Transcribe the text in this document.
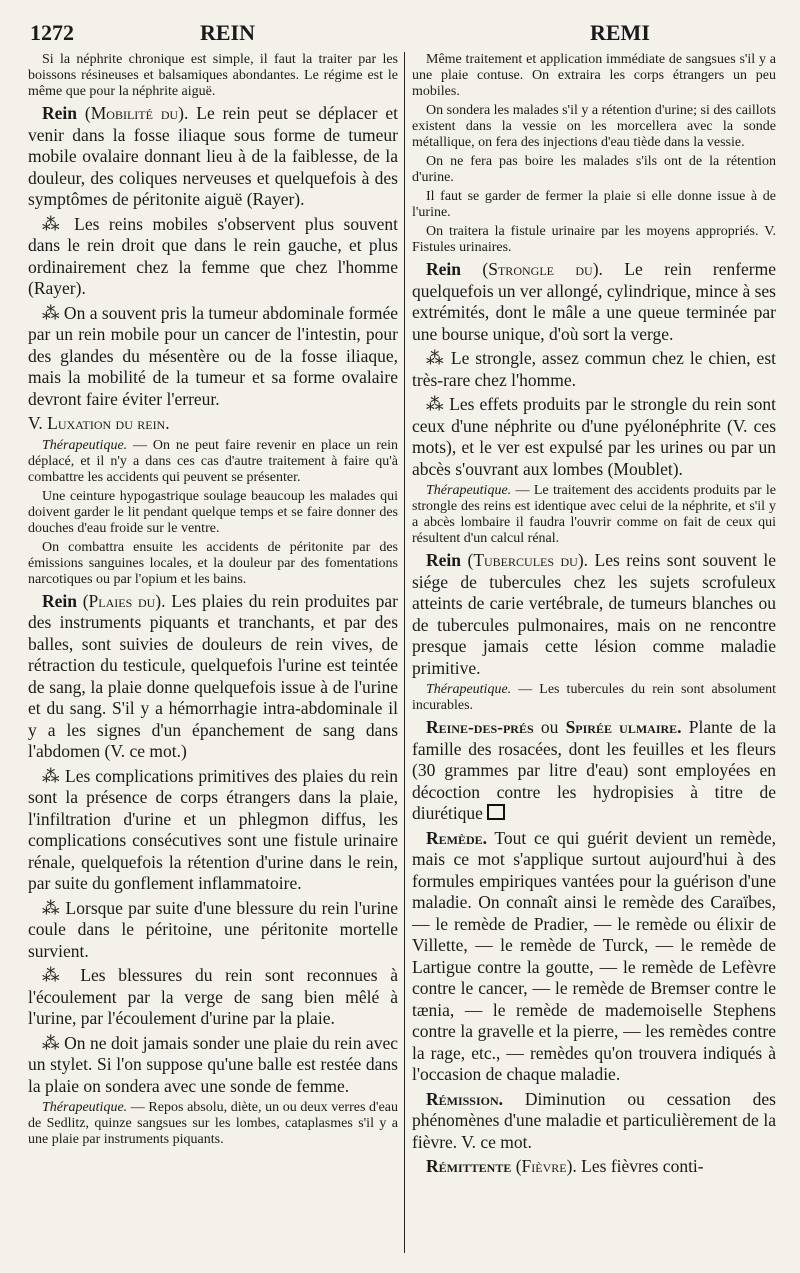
1272	REIN	REMI

Si la néphrite chronique est simple, il faut la traiter par les boissons résineuses et balsamiques abondantes. Le régime est le même que pour la néphrite aiguë.

Rein (Mobilité du). Le rein peut se déplacer et venir dans la fosse iliaque sous forme de tumeur mobile ovalaire donnant lieu à de la faiblesse, de la douleur, des coliques nerveuses et quelquefois à des symptômes de péritonite aiguë (Rayer).

⁂ Les reins mobiles s'observent plus souvent dans le rein droit que dans le rein gauche, et plus ordinairement chez la femme que chez l'homme (Rayer).

⁂ On a souvent pris la tumeur abdominale formée par un rein mobile pour un cancer de l'intestin, pour des glandes du mésentère ou de la fosse iliaque, mais la mobilité de la tumeur et sa forme ovalaire devront faire éviter l'erreur.

V. Luxation du rein.

Thérapeutique. — On ne peut faire revenir en place un rein déplacé, et il n'y a dans ces cas d'autre traitement à faire qu'à combattre les accidents qui peuvent se présenter.

Une ceinture hypogastrique soulage beaucoup les malades qui doivent garder le lit pendant quelque temps et se faire donner des douches d'eau froide sur le ventre.

On combattra ensuite les accidents de péritonite par des émissions sanguines locales, et la douleur par des fomentations narcotiques ou par l'opium et les bains.

Rein (Plaies du). Les plaies du rein produites par des instruments piquants et tranchants, et par des balles, sont suivies de douleurs de rein vives, de rétraction du testicule, quelquefois l'urine est teintée de sang, la plaie donne quelquefois issue à de l'urine et du sang. S'il y a hémorrhagie intra-abdominale il y a les signes d'un épanchement de sang dans l'abdomen (V. ce mot.)

⁂ Les complications primitives des plaies du rein sont la présence de corps étrangers dans la plaie, l'infiltration d'urine et un phlegmon diffus, les complications consécutives sont une fistule urinaire rénale, quelquefois la rétention d'urine dans le rein, par suite du gonflement inflammatoire.

⁂ Lorsque par suite d'une blessure du rein l'urine coule dans le péritoine, une péritonite mortelle survient.

⁂ Les blessures du rein sont reconnues à l'écoulement par la verge de sang bien mêlé à l'urine, par l'écoulement d'urine par la plaie.

⁂ On ne doit jamais sonder une plaie du rein avec un stylet. Si l'on suppose qu'une balle est restée dans la plaie on sondera avec une sonde de femme.

Thérapeutique. — Repos absolu, diète, un ou deux verres d'eau de Sedlitz, quinze sangsues sur les lombes, cataplasmes s'il y a une plaie par instruments piquants.

Même traitement et application immédiate de sangsues s'il y a une plaie contuse. On extraira les corps étrangers un peu mobiles.

On sondera les malades s'il y a rétention d'urine; si des caillots existent dans la vessie on les morcellera avec la sonde métallique, on fera des injections d'eau tiède dans la vessie.

On ne fera pas boire les malades s'ils ont de la rétention d'urine.

Il faut se garder de fermer la plaie si elle donne issue à de l'urine.

On traitera la fistule urinaire par les moyens appropriés. V. Fistules urinaires.

Rein (Strongle du). Le rein renferme quelquefois un ver allongé, cylindrique, mince à ses extrémités, dont le mâle a une queue terminée par une bourse unique, d'où sort la verge.

⁂ Le strongle, assez commun chez le chien, est très-rare chez l'homme.

⁂ Les effets produits par le strongle du rein sont ceux d'une néphrite ou d'une pyélonéphrite (V. ces mots), et le ver est expulsé par les urines ou par un abcès s'ouvrant aux lombes (Moublet).

Thérapeutique. — Le traitement des accidents produits par le strongle des reins est identique avec celui de la néphrite, et s'il y a abcès lombaire il faudra l'ouvrir comme on fait de ceux qui résultent d'un calcul rénal.

Rein (Tubercules du). Les reins sont souvent le siége de tubercules chez les sujets scrofuleux atteints de carie vertébrale, de tumeurs blanches ou de tubercules pulmonaires, mais on ne rencontre presque jamais cette lésion comme maladie primitive.

Thérapeutique. — Les tubercules du rein sont absolument incurables.

Reine-des-prés ou Spirée ulmaire. Plante de la famille des rosacées, dont les feuilles et les fleurs (30 grammes par litre d'eau) sont employées en décoction contre les hydropisies à titre de diurétique

Remède. Tout ce qui guérit devient un remède, mais ce mot s'applique surtout aujourd'hui à des formules empiriques vantées pour la guérison d'une maladie. On connaît ainsi le remède des Caraïbes, — le remède de Pradier, — le remède ou élixir de Villette, — le remède de Turck, — le remède de Lartigue contre la goutte, — le remède de Lefèvre contre le cancer, — le remède de Bremser contre le tænia, — le remède de mademoiselle Stephens contre la gravelle et la pierre, — les remèdes contre la rage, etc., — remèdes qu'on trouvera indiqués à l'occasion de chaque maladie.

Rémission. Diminution ou cessation des phénomènes d'une maladie et particulièrement de la fièvre. V. ce mot.

Rémittente (Fièvre). Les fièvres conti-
